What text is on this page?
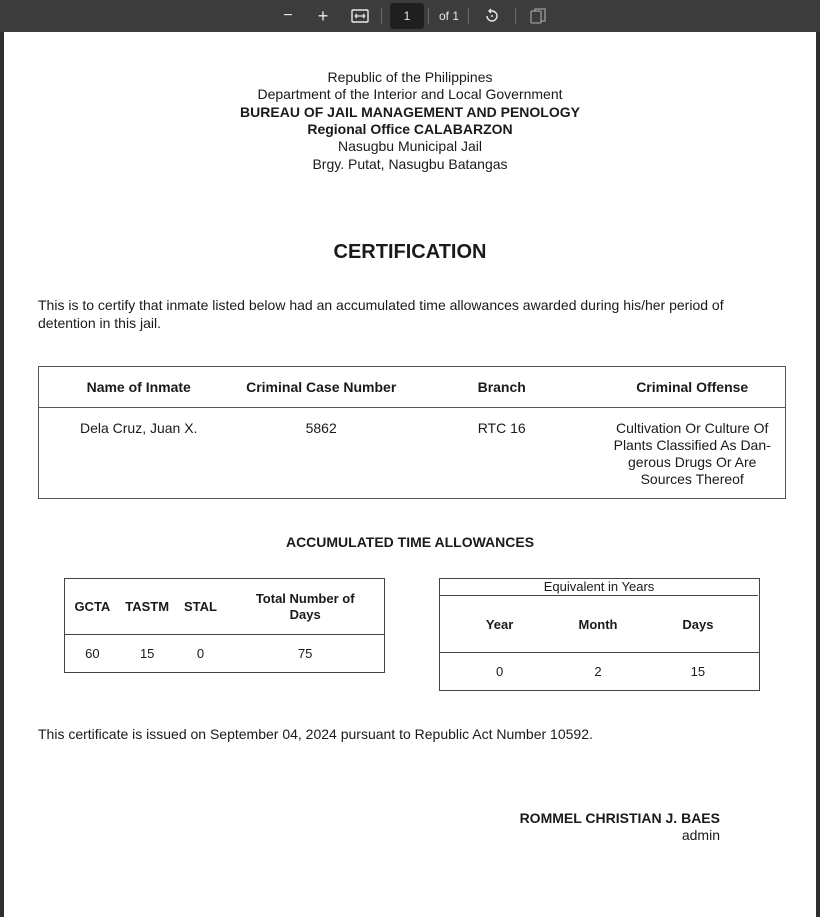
−	+	1	of 1
Republic of the Philippines
Department of the Interior and Local Government
BUREAU OF JAIL MANAGEMENT AND PENOLOGY
Regional Office CALABARZON
Nasugbu Municipal Jail
Brgy. Putat, Nasugbu Batangas
CERTIFICATION
This is to certify that inmate listed below had an accumulated time allowances awarded during his/her period of
detention in this jail.
Name of Inmate	Criminal Case Number	Branch	Criminal Offense
Dela Cruz, Juan X.	5862	RTC 16	Cultivation Or Culture Of
Plants Classified As Dan-
gerous Drugs Or Are
Sources Thereof
ACCUMULATED TIME ALLOWANCES
GCTA	TASTM	STAL	Total Number of
Days

60	15	0	75
Year	Month	Days
0	2	15
Equivalent in Years
This certificate is issued on September 04, 2024 pursuant to Republic Act Number 10592.
ROMMEL CHRISTIAN J. BAES
admin
